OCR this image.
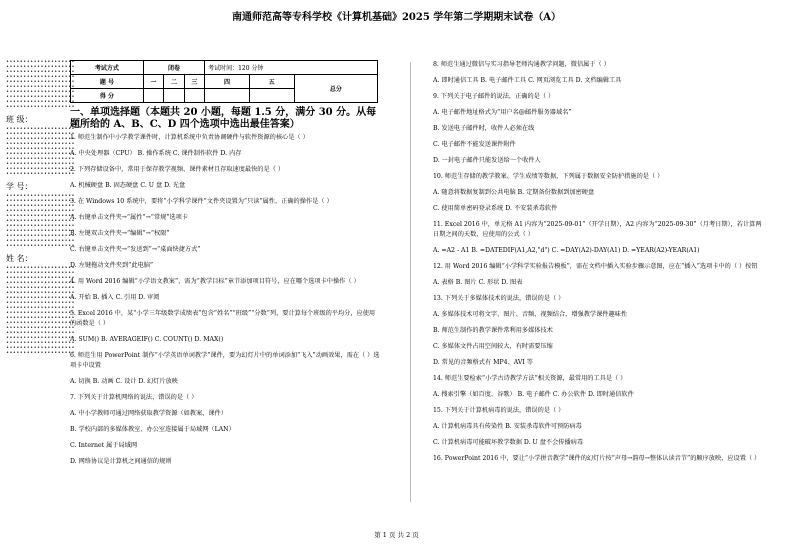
南通师范高等专科学校《计算机基础》2025 学年第二学期期末试卷（A）
••••••••••••••••••••
••••••••••••••••••••
••••••••••••••••••••
••••••••••••••••••••
••••••••••••••••••••
••••••••••••••••••••
••••••••••••••••••••
••••••••••••••••••••
••••••••••••••••••••
••••••••••••••••••••
班 级：
••••••••••••••••••••
••••••••••••••••••••
••••••••••••••••••••
••••••••••••••••••••
••••••••••••••••••••
••••••••••••••••••••
••••••••••••••••••••
••••••••••••••••••••
••••••••••••••••••••
••••••••••••••••••••
学 号：
••••••••••••••••••••
••••••••••••••••••••
••••••••••••••••••••
••••••••••••••••••••
••••••••••••••••••••
••••••••••••••••••••
••••••••••••••••••••
••••••••••••••••••••
••••••••••••••••••••
••••••••••••••••••••
••••••••••••••••••••
姓 名：
••••••••••••••••••••
••••••••••••••••••••
••••••••••••••••••••
••••••••••••••••••••
••••••••••••••••••••
••••••••••••••••••••
••••••••••••••••••••
••••••••••••••••••••
••••••••••••••••••••
••••••••••••••••••••
••••••••••••••••••••
••••••••••••••••••••
••••••••••••••••••••
••••••••••••••••••••
••••••••••••••••••••
••••••••••••••••••••
••••••••••••••••••••
••••••••••••••••••••
考试方式	闭卷			考试时间：120 分钟		
题 号	一	二	三	四	五	总分
得 分						
一、单项选择题（本题共 20 小题，每题 1.5 分，满分 30 分。从每题所给的 A、B、C、D 四个选项中选出最佳答案）
1. 师范生制作中小学教学课件时，计算机系统中负责协调硬件与软件资源的核心是（ ）
A. 中央处理器（CPU） B. 操作系统 C. 课件制作软件 D. 内存
2. 下列存储设备中，常用于保存教学视频、课件素材且存取速度最快的是（ ）
A. 机械硬盘 B. 固态硬盘 C. U 盘 D. 光盘
3. 在 Windows 10 系统中，要将“小学科学课件”文件夹设置为“只读”属性，正确的操作是（ ）
A. 右键单击文件夹→“属性”→“常规”选项卡
B. 左键双击文件夹→“编辑”→“权限”
C. 右键单击文件夹→“发送到”→“桌面快捷方式”
D. 左键拖动文件夹到“此电脑”
4. 用 Word 2016 编辑“小学语文教案”，需为“教学目标”章节添加项目符号，应在哪个选项卡中操作（ ）
A. 开始 B. 插入 C. 引用 D. 审阅
5. Excel 2016 中，某“小学三年级数学成绩表”包含“姓名”“班级”“分数”列，要计算每个班级的平均分，应使用的函数是（ ）
A. SUM() B. AVERAGEIF() C. COUNT() D. MAX()
6. 师范生用 PowerPoint 制作“小学英语单词教学”课件，要为幻灯片中的单词添加“飞入”动画效果，需在（ ）选项卡中设置
A. 切换 B. 动画 C. 设计 D. 幻灯片放映
7. 下列关于计算机网络的说法，错误的是（ ）
A. 中小学教师可通过网络获取教学资源（如教案、课件）
B. 学校内部的多媒体教室、办公室连接属于局域网（LAN）
C. Internet 属于局域网
D. 网络协议是计算机之间通信的规则
8. 师范生通过微信与实习指导老师沟通教学问题，微信属于（ ）
A. 即时通信工具 B. 电子邮件工具 C. 网页浏览工具 D. 文档编辑工具
9. 下列关于电子邮件的说法，正确的是（ ）
A. 电子邮件地址格式为“用户名@邮件服务器域名”
B. 发送电子邮件时，收件人必须在线
C. 电子邮件不能发送课件附件
D. 一封电子邮件只能发送给一个收件人
10. 师范生存储的教学教案、学生成绩等数据，下列属于数据安全防护措施的是（ ）
A. 随意将数据复制到公共电脑 B. 定期备份数据到加密硬盘
C. 使用简单密码登录系统 D. 不安装杀毒软件
11. Excel 2016 中，单元格 A1 内容为“2025-09-01”（开学日期），A2 内容为“2025-09-30”（月考日期），若计算两日期之间的天数，应使用的公式（ ）
A. =A2 - A1 B. =DATEDIF(A1,A2,"d") C. =DAY(A2)-DAY(A1) D. =YEAR(A2)-YEAR(A1)
12. 用 Word 2016 编辑“小学科学实验报告模板”，需在文档中插入实验步骤示意图，应在“插入”选项卡中的（ ）按钮
A. 表格 B. 图片 C. 形状 D. 图表
13. 下列关于多媒体技术的说法，错误的是（ ）
A. 多媒体技术可将文字、图片、音频、视频结合，增强教学课件趣味性
B. 师范生制作的教学课件常利用多媒体技术
C. 多媒体文件占用空间较大，有时需要压缩
D. 常见的音频格式有 MP4、AVI 等
14. 师范生要检索“小学古诗教学方法”相关资源，最常用的工具是（ ）
A. 搜索引擎（如百度、谷歌） B. 电子邮件 C. 办公软件 D. 即时通信软件
15. 下列关于计算机病毒的说法，错误的是（ ）
A. 计算机病毒具有传染性 B. 安装杀毒软件可预防病毒
C. 计算机病毒可能破坏教学数据 D. U 盘不会传播病毒
16. PowerPoint 2016 中，要让“小学拼音教学”课件的幻灯片按“声母→韵母→整体认读音节”的顺序放映，应设置（ ）
第 1 页 共 2 页
